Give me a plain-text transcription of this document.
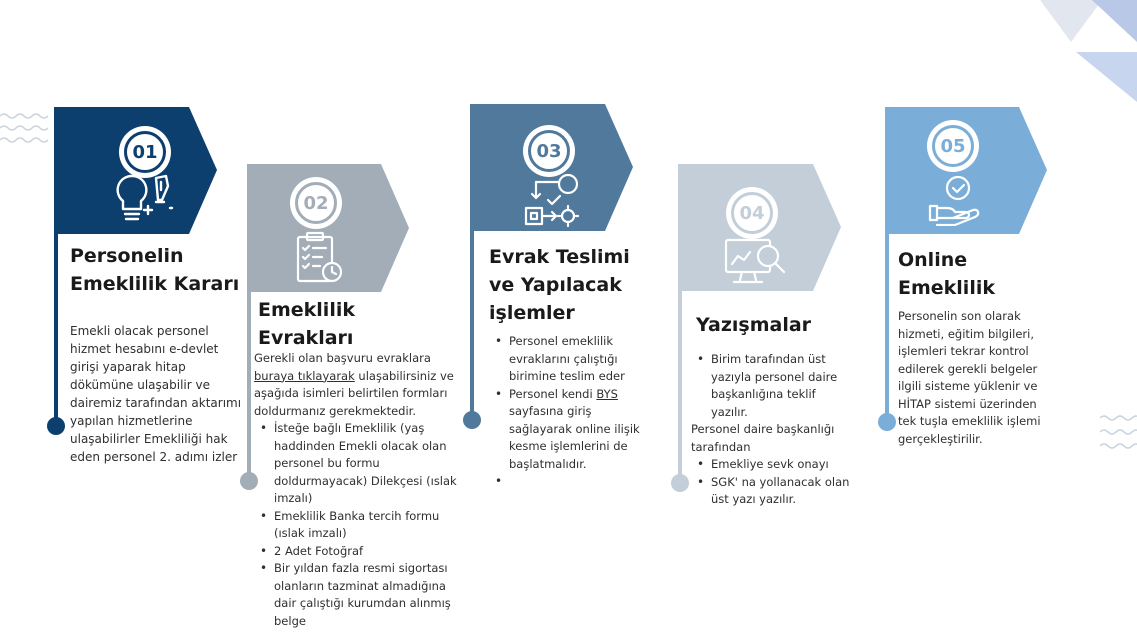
01
Personelin
Emeklilik Kararı
Emekli olacak personel hizmet hesabını e-devlet girişi yaparak hitap dökümüne ulaşabilir ve dairemiz tarafından aktarımı yapılan hizmetlerine ulaşabilirler Emekliliği hak eden personel 2. adımı izler
02
Emeklilik
Evrakları
Gerekli olan başvuru evraklara buraya tıklayarak ulaşabilirsiniz ve aşağıda isimleri belirtilen formları doldurmanız gerekmektedir.
• İsteğe bağlı Emeklilik (yaş haddinden Emekli olacak olan personel bu formu doldurmayacak) Dilekçesi (ıslak imzalı)
• Emeklilik Banka tercih formu (ıslak imzalı)
• 2 Adet Fotoğraf
• Bir yıldan fazla resmi sigortası olanların tazminat almadığına dair çalıştığı kurumdan alınmış belge
03
Evrak Teslimi
ve Yapılacak
işlemler
• Personel emeklilik evraklarını çalıştığı birimine teslim eder
• Personel kendi BYS sayfasına giriş sağlayarak online ilişik kesme işlemlerini de başlatmalıdır.
•
04
Yazışmalar
• Birim tarafından üst yazıyla personel daire başkanlığına teklif yazılır.
Personel daire başkanlığı tarafından
• Emekliye sevk onayı
• SGK' na yollanacak olan üst yazı yazılır.
05
Online
Emeklilik
Personelin son olarak hizmeti, eğitim bilgileri, işlemleri tekrar kontrol edilerek gerekli belgeler ilgili sisteme yüklenir ve HİTAP sistemi üzerinden tek tuşla emeklilik işlemi gerçekleştirilir.
